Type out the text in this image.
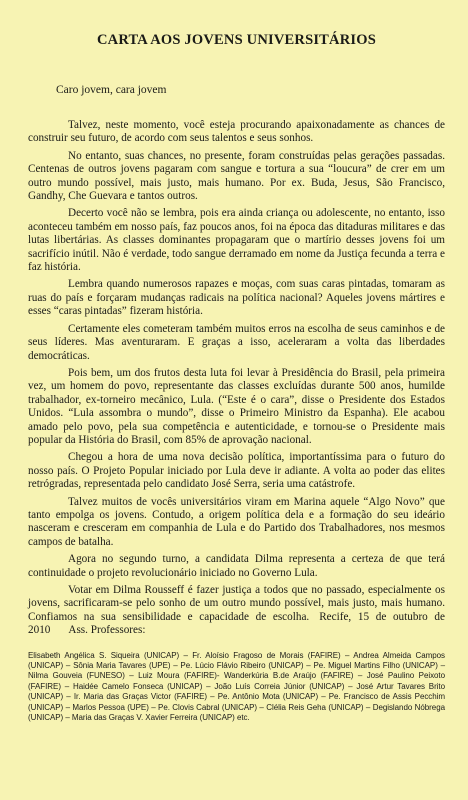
CARTA AOS JOVENS UNIVERSITÁRIOS
Caro jovem, cara jovem

Talvez, neste momento, você esteja procurando apaixonadamente as chances de construir seu futuro, de acordo com seus talentos e seus sonhos.

No entanto, suas chances, no presente, foram construídas pelas gerações passadas. Centenas de outros jovens pagaram com sangue e tortura a sua “loucura” de crer em um outro mundo possível, mais justo, mais humano. Por ex. Buda, Jesus, São Francisco, Gandhy, Che Guevara e tantos outros.

Decerto você não se lembra, pois era ainda criança ou adolescente, no entanto, isso aconteceu também em nosso país, faz poucos anos, foi na época das ditaduras militares e das lutas libertárias. As classes dominantes propagaram que o martírio desses jovens foi um sacrifício inútil. Não é verdade, todo sangue derramado em nome da Justiça fecunda a terra e faz história.

Lembra quando numerosos rapazes e moças, com suas caras pintadas, tomaram as ruas do país e forçaram mudanças radicais na política nacional? Aqueles jovens mártires e esses “caras pintadas” fizeram história.

Certamente eles cometeram também muitos erros na escolha de seus caminhos e de seus líderes. Mas aventuraram. E graças a isso, aceleraram a volta das liberdades democráticas.

Pois bem, um dos frutos desta luta foi levar à Presidência do Brasil, pela primeira vez, um homem do povo, representante das classes excluídas durante 500 anos, humilde trabalhador, ex-torneiro mecânico, Lula. (“Este é o cara”, disse o Presidente dos Estados Unidos. “Lula assombra o mundo”, disse o Primeiro Ministro da Espanha). Ele acabou amado pelo povo, pela sua competência e autenticidade, e tornou-se o Presidente mais popular da História do Brasil, com 85% de aprovação nacional.

Chegou a hora de uma nova decisão política, importantíssima para o futuro do nosso país. O Projeto Popular iniciado por Lula deve ir adiante. A volta ao poder das elites retrógradas, representada pelo candidato José Serra, seria uma catástrofe.

Talvez muitos de vocês universitários viram em Marina aquele “Algo Novo” que tanto empolga os jovens. Contudo, a origem política dela e a formação do seu ideário nasceram e cresceram em companhia de Lula e do Partido dos Trabalhadores, nos mesmos campos de batalha.

Agora no segundo turno, a candidata Dilma representa a certeza de que terá continuidade o projeto revolucionário iniciado no Governo Lula.

Votar em Dilma Rousseff é fazer justiça a todos que no passado, especialmente os jovens, sacrificaram-se pelo sonho de um outro mundo possível, mais justo, mais humano. Confiamos na sua sensibilidade e capacidade de escolha. Recife, 15 de outubro de 2010 Ass. Professores:

Elisabeth Angélica S. Siqueira (UNICAP) – Fr. Aloísio Fragoso de Morais (FAFIRE) – Andrea Almeida Campos (UNICAP) – Sônia Maria Tavares (UPE) – Pe. Lúcio Flávio Ribeiro (UNICAP) – Pe. Miguel Martins Filho (UNICAP) – Nilma Gouveia (FUNESO) – Luiz Moura (FAFIRE)- Wanderkúria B.de Araújo (FAFIRE) – José Paulino Peixoto (FAFIRE) – Haidée Camelo Fonseca (UNICAP) – João Luís Correia Júnior (UNICAP) – José Artur Tavares Brito (UNICAP) – Ir. Maria das Graças Victor (FAFIRE) – Pe. Antônio Mota (UNICAP) – Pe. Francisco de Assis Pecchim (UNICAP) – Marlos Pessoa (UPE) – Pe. Clovis Cabral (UNICAP) – Clélia Reis Geha (UNICAP) – Degislando Nóbrega (UNICAP) – Maria das Graças V. Xavier Ferreira (UNICAP) etc.
